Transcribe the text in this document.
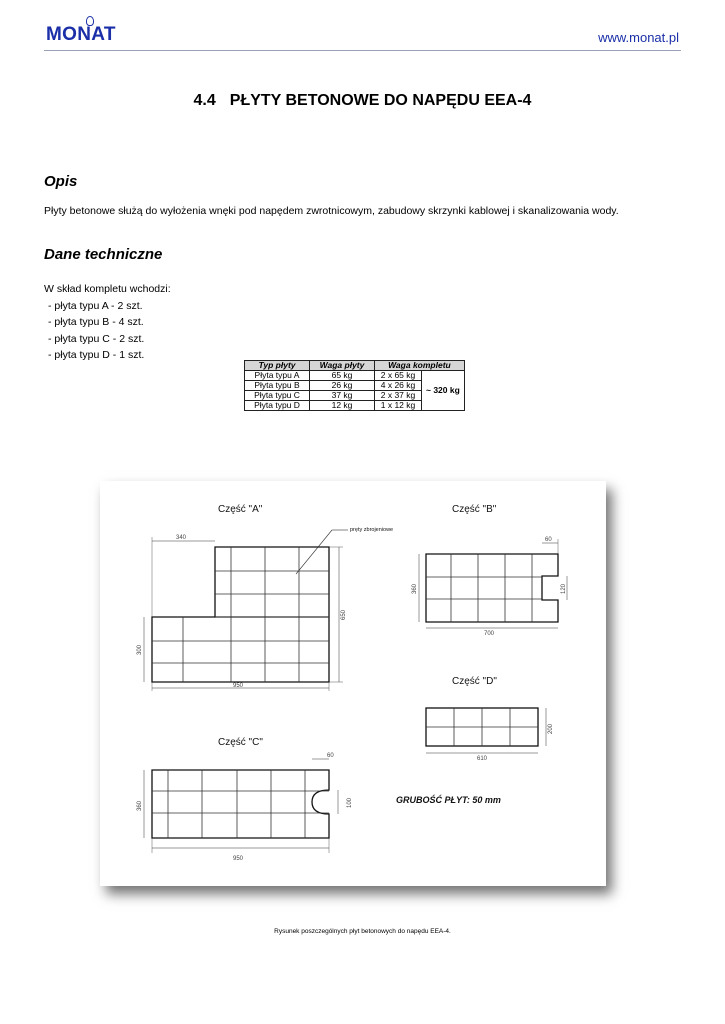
MONAT	www.monat.pl
4.4 PŁYTY BETONOWE DO NAPĘDU EEA-4
Opis
Płyty betonowe służą do wyłożenia wnęki pod napędem zwrotnicowym, zabudowy skrzynki kablowej i skanalizowania wody.
Dane techniczne
W skład kompletu wchodzi:
- płyta typu A - 2 szt.
- płyta typu B - 4 szt.
- płyta typu C - 2 szt.
- płyta typu D - 1 szt.
Typ płyty	Waga płyty	Waga kompletu	
Płyta typu A	65 kg	2 x 65 kg	~ 320 kg
Płyta typu B	26 kg	4 x 26 kg	
Płyta typu C	37 kg	2 x 37 kg	
Płyta typu D	12 kg	1 x 12 kg	
Część "A"	Część "B"
Część "D"
Część "C"
pręty zbrojeniowe
GRUBOŚĆ PŁYT: 50 mm
340
650
300
950
360
60
120
700
200
610
360
60
100
950
Rysunek poszczególnych płyt betonowych do napędu EEA-4.
